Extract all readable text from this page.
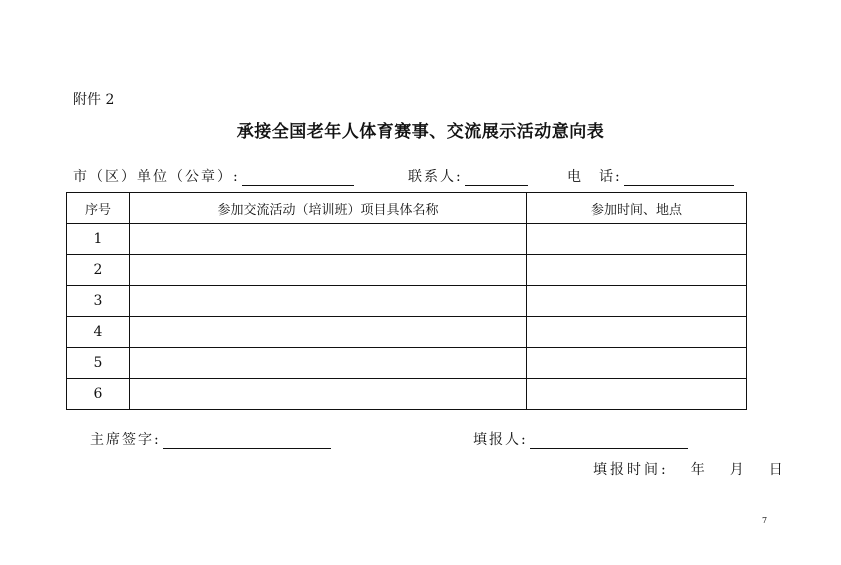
附件 2
承接全国老年人体育赛事、交流展示活动意向表
市（区）单位（公章）:	联系人:	电　话:
序号	参加交流活动（培训班）项目具体名称	参加时间、地点
1		
2		
3		
4		
5		
6		
主席签字:	填报人:
填报时间: 年 月 日
7
